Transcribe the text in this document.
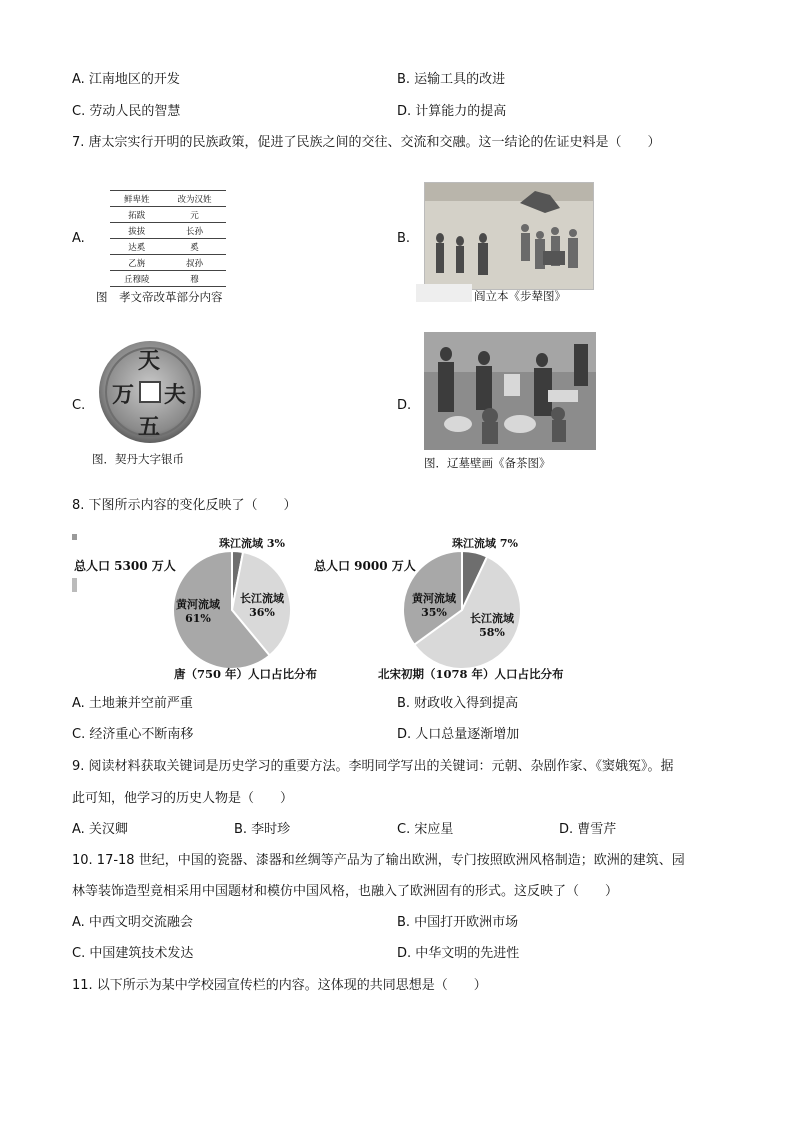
A. 江南地区的开发	B. 运输工具的改进
C. 劳动人民的智慧	D. 计算能力的提高
7. 唐太宗实行开明的民族政策，促进了民族之间的交往、交流和交融。这一结论的佐证史料是（　　）
A.
鲜卑姓	改为汉姓
拓跋	元
拔拔	长孙
达奚	奚
乙旃	叔孙
丘穆陵	穆
图　孝文帝改革部分内容
B.
阎立本《步辇图》
C.
天
夫
五
万
图．契丹大字银币
D.
图．辽墓壁画《备茶图》
8. 下图所示内容的变化反映了（　　）
总人口 5300 万人
珠江流域 3%
长江流域
36%
黄河流域
61%
唐（750 年）人口占比分布
总人口 9000 万人
珠江流域 7%
长江流域
58%
黄河流域
35%
北宋初期（1078 年）人口占比分布
A. 土地兼并空前严重	B. 财政收入得到提高
C. 经济重心不断南移	D. 人口总量逐渐增加
9. 阅读材料获取关键词是历史学习的重要方法。李明同学写出的关键词：元朝、杂剧作家、《窦娥冤》。据
此可知，他学习的历史人物是（　　）
A. 关汉卿	B. 李时珍	C. 宋应星	D. 曹雪芹
10. 17-18 世纪，中国的瓷器、漆器和丝绸等产品为了输出欧洲，专门按照欧洲风格制造；欧洲的建筑、园
林等装饰造型竟相采用中国题材和模仿中国风格，也融入了欧洲固有的形式。这反映了（　　）
A. 中西文明交流融会	B. 中国打开欧洲市场
C. 中国建筑技术发达	D. 中华文明的先进性
11. 以下所示为某中学校园宣传栏的内容。这体现的共同思想是（　　）
